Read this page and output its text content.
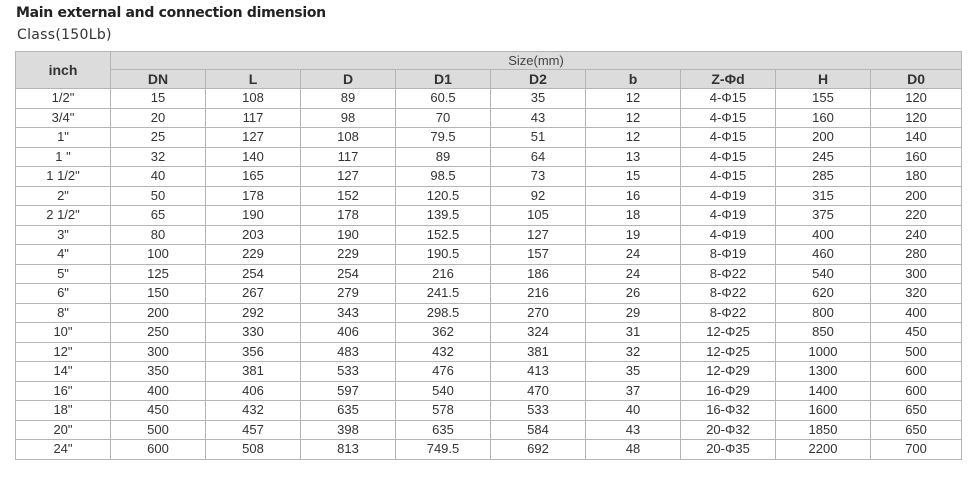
Main external and connection dimension
Class(150Lb)
inch	Size(mm)								
	DN	L	D	D1	D2	b	Z-Φd	H	D0
1/2"	15	108	89	60.5	35	12	4-Φ15	155	120
3/4"	20	117	98	70	43	12	4-Φ15	160	120
1"	25	127	108	79.5	51	12	4-Φ15	200	140
1 "	32	140	117	89	64	13	4-Φ15	245	160
1 1/2"	40	165	127	98.5	73	15	4-Φ15	285	180
2"	50	178	152	120.5	92	16	4-Φ19	315	200
2 1/2"	65	190	178	139.5	105	18	4-Φ19	375	220
3"	80	203	190	152.5	127	19	4-Φ19	400	240
4"	100	229	229	190.5	157	24	8-Φ19	460	280
5"	125	254	254	216	186	24	8-Φ22	540	300
6"	150	267	279	241.5	216	26	8-Φ22	620	320
8"	200	292	343	298.5	270	29	8-Φ22	800	400
10"	250	330	406	362	324	31	12-Φ25	850	450
12"	300	356	483	432	381	32	12-Φ25	1000	500
14"	350	381	533	476	413	35	12-Φ29	1300	600
16"	400	406	597	540	470	37	16-Φ29	1400	600
18"	450	432	635	578	533	40	16-Φ32	1600	650
20"	500	457	398	635	584	43	20-Φ32	1850	650
24"	600	508	813	749.5	692	48	20-Φ35	2200	700
